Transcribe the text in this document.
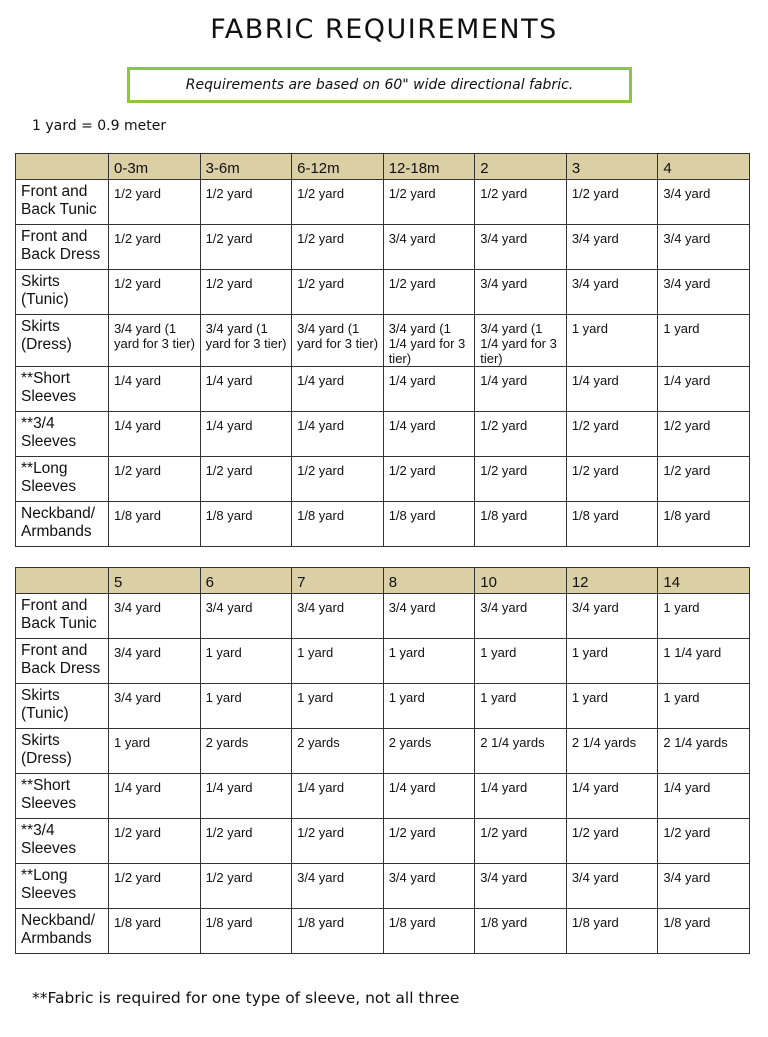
FABRIC REQUIREMENTS
Requirements are based on 60" wide directional fabric.
1 yard = 0.9 meter
	0-3m	3-6m	6-12m	12-18m	2	3	4
Front and Back Tunic	1/2 yard	1/2 yard	1/2 yard	1/2 yard	1/2 yard	1/2 yard	3/4 yard
Front and Back Dress	1/2 yard	1/2 yard	1/2 yard	3/4 yard	3/4 yard	3/4 yard	3/4 yard
Skirts (Tunic)	1/2 yard	1/2 yard	1/2 yard	1/2 yard	3/4 yard	3/4 yard	3/4 yard
Skirts (Dress)	3/4 yard (1 yard for 3 tier)	3/4 yard (1 yard for 3 tier)	3/4 yard (1 yard for 3 tier)	3/4 yard (1 1/4 yard for 3 tier)	3/4 yard (1 1/4 yard for 3 tier)	1 yard	1 yard
**Short Sleeves	1/4 yard	1/4 yard	1/4 yard	1/4 yard	1/4 yard	1/4 yard	1/4 yard
**3/4 Sleeves	1/4 yard	1/4 yard	1/4 yard	1/4 yard	1/2 yard	1/2 yard	1/2 yard
**Long Sleeves	1/2 yard	1/2 yard	1/2 yard	1/2 yard	1/2 yard	1/2 yard	1/2 yard
Neckband/ Armbands	1/8 yard	1/8 yard	1/8 yard	1/8 yard	1/8 yard	1/8 yard	1/8 yard
	5	6	7	8	10	12	14
Front and Back Tunic	3/4 yard	3/4 yard	3/4 yard	3/4 yard	3/4 yard	3/4 yard	1 yard
Front and Back Dress	3/4 yard	1 yard	1 yard	1 yard	1 yard	1 yard	1 1/4 yard
Skirts (Tunic)	3/4 yard	1 yard	1 yard	1 yard	1 yard	1 yard	1 yard
Skirts (Dress)	1 yard	2 yards	2 yards	2 yards	2 1/4 yards	2 1/4 yards	2 1/4 yards
**Short Sleeves	1/4 yard	1/4 yard	1/4 yard	1/4 yard	1/4 yard	1/4 yard	1/4 yard
**3/4 Sleeves	1/2 yard	1/2 yard	1/2 yard	1/2 yard	1/2 yard	1/2 yard	1/2 yard
**Long Sleeves	1/2 yard	1/2 yard	3/4 yard	3/4 yard	3/4 yard	3/4 yard	3/4 yard
Neckband/ Armbands	1/8 yard	1/8 yard	1/8 yard	1/8 yard	1/8 yard	1/8 yard	1/8 yard
**Fabric is required for one type of sleeve, not all three
